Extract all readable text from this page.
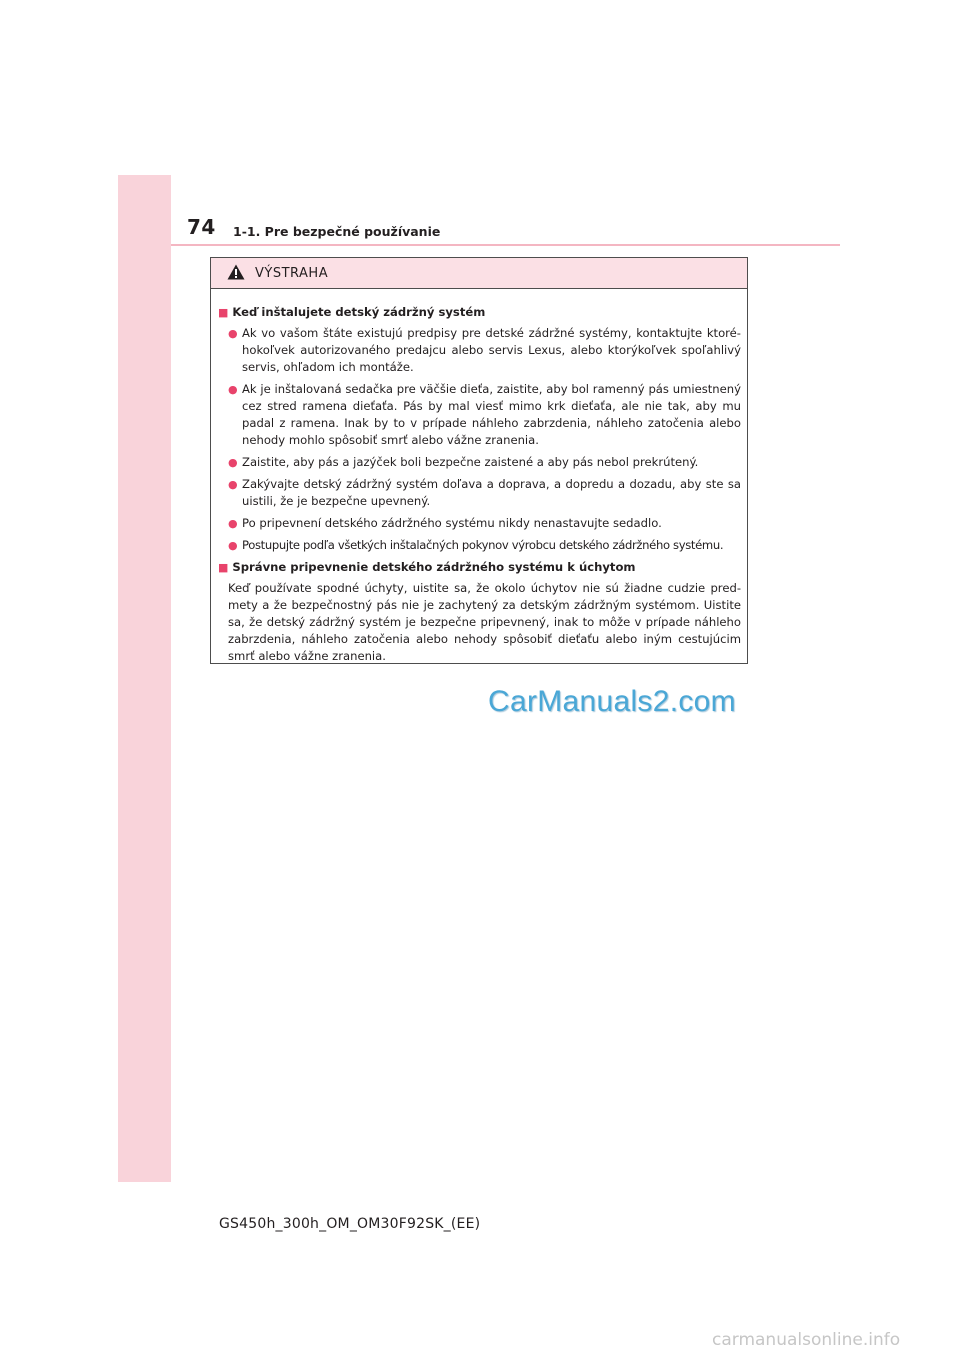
74 1-1. Pre bezpečné používanie
VÝSTRAHA
■ Keď inštalujete detský zádržný systém
● Ak vo vašom štáte existujú predpisy pre detské zádržné systémy, kontaktujte ktoré- hokoľvek autorizovaného predajcu alebo servis Lexus, alebo ktorýkoľvek spoľahlivý servis, ohľadom ich montáže.
● Ak je inštalovaná sedačka pre väčšie dieťa, zaistite, aby bol ramenný pás umiestnený cez stred ramena dieťaťa. Pás by mal viesť mimo krk dieťaťa, ale nie tak, aby mu padal z ramena. Inak by to v prípade náhleho zabrzdenia, náhleho zatočenia alebo nehody mohlo spôsobiť smrť alebo vážne zranenia.
● Zaistite, aby pás a jazýček boli bezpečne zaistené a aby pás nebol prekrútený.
● Zakývajte detský zádržný systém doľava a doprava, a dopredu a dozadu, aby ste sa uistili, že je bezpečne upevnený.
● Po pripevnení detského zádržného systému nikdy nenastavujte sedadlo.
● Postupujte podľa všetkých inštalačných pokynov výrobcu detského zádržného systému.
■ Správne pripevnenie detského zádržného systému k úchytom
Keď používate spodné úchyty, uistite sa, že okolo úchytov nie sú žiadne cudzie pred- mety a že bezpečnostný pás nie je zachytený za detským zádržným systémom. Uistite sa, že detský zádržný systém je bezpečne pripevnený, inak to môže v prípade náhleho zabrzdenia, náhleho zatočenia alebo nehody spôsobiť dieťaťu alebo iným cestujúcim smrť alebo vážne zranenia.
CarManuals2.com
GS450h_300h_OM_OM30F92SK_(EE)
carmanualsonline.info
